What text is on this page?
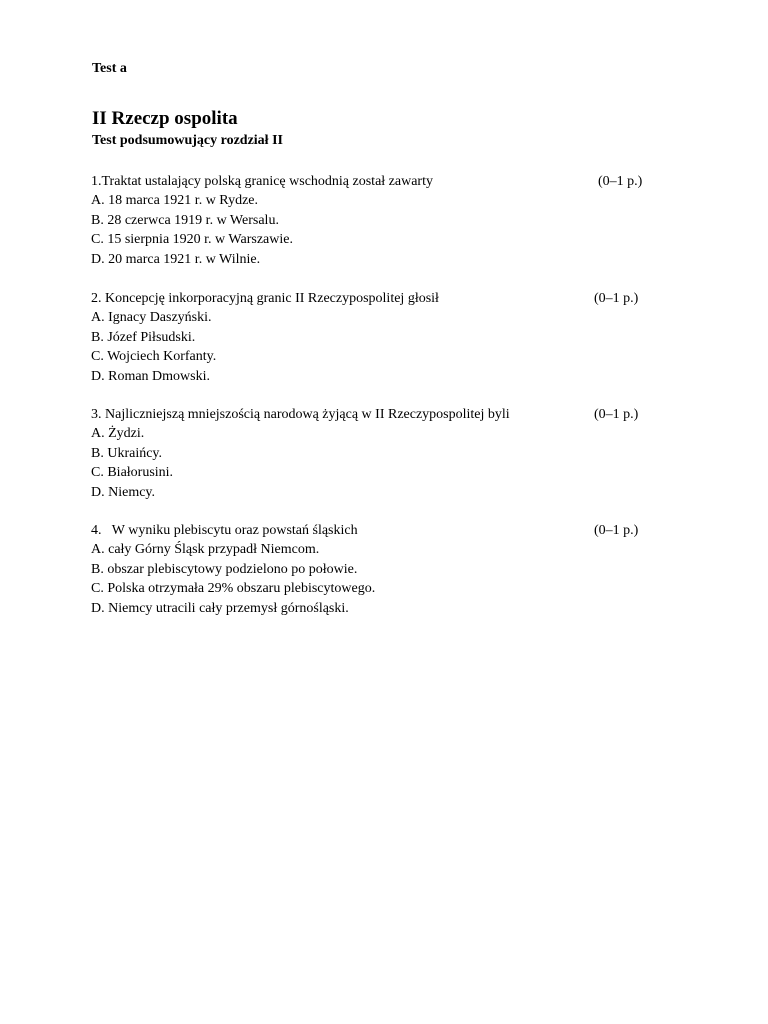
Test a
II Rzeczp ospolita
Test podsumowujący rozdział II
1.Traktat ustalający polską granicę wschodnią został zawarty	(0–1 p.)
A. 18 marca 1921 r. w Rydze.
B. 28 czerwca 1919 r. w Wersalu.
C. 15 sierpnia 1920 r. w Warszawie.
D. 20 marca 1921 r. w Wilnie.
2. Koncepcję inkorporacyjną granic II Rzeczypospolitej głosił	(0–1 p.)
A. Ignacy Daszyński.
B. Józef Piłsudski.
C. Wojciech Korfanty.
D. Roman Dmowski.
3. Najliczniejszą mniejszością narodową żyjącą w II Rzeczypospolitej byli	(0–1 p.)
A. Żydzi.
B. Ukraińcy.
C. Białorusini.
D. Niemcy.
4.   W wyniku plebiscytu oraz powstań śląskich	(0–1 p.)
A. cały Górny Śląsk przypadł Niemcom.
B. obszar plebiscytowy podzielono po połowie.
C. Polska otrzymała 29% obszaru plebiscytowego.
D. Niemcy utracili cały przemysł górnośląski.
